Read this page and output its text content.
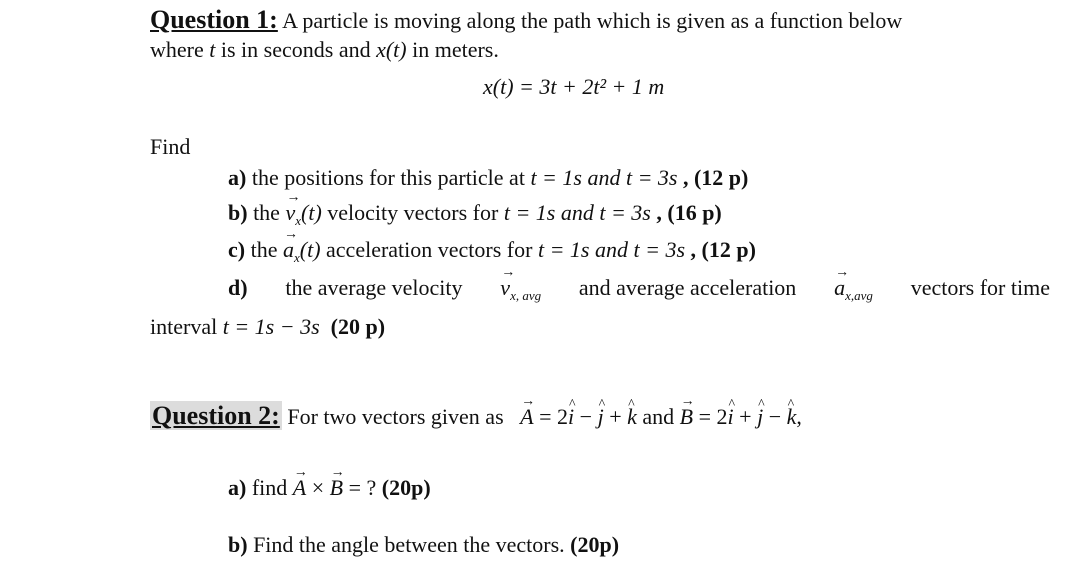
Question 1: A particle is moving along the path which is given as a function below
where t is in seconds and x(t) in meters.
x(t) = 3t + 2t² + 1 m
Find
a) the positions for this particle at t = 1s and t = 3s , (12 p)
b) the $v \to_x(t)$ velocity vectors for t = 1s and t = 3s , (16 p)
c) the $a \to_x(t)$ acceleration vectors for t = 1s and t = 3s , (12 p)
d) the average velocity $v \to_{x, avg}$ and average acceleration $a \to_{x,avg}$ vectors for time
interval t = 1s − 3s (20 p)
Question 2: For two vectors given as A → = 2i ^ − j ^ + k ^ and B → = 2i ^ + j ^ − k ^,
a) find A → × B → = ? (20p)
b) Find the angle between the vectors. (20p)
